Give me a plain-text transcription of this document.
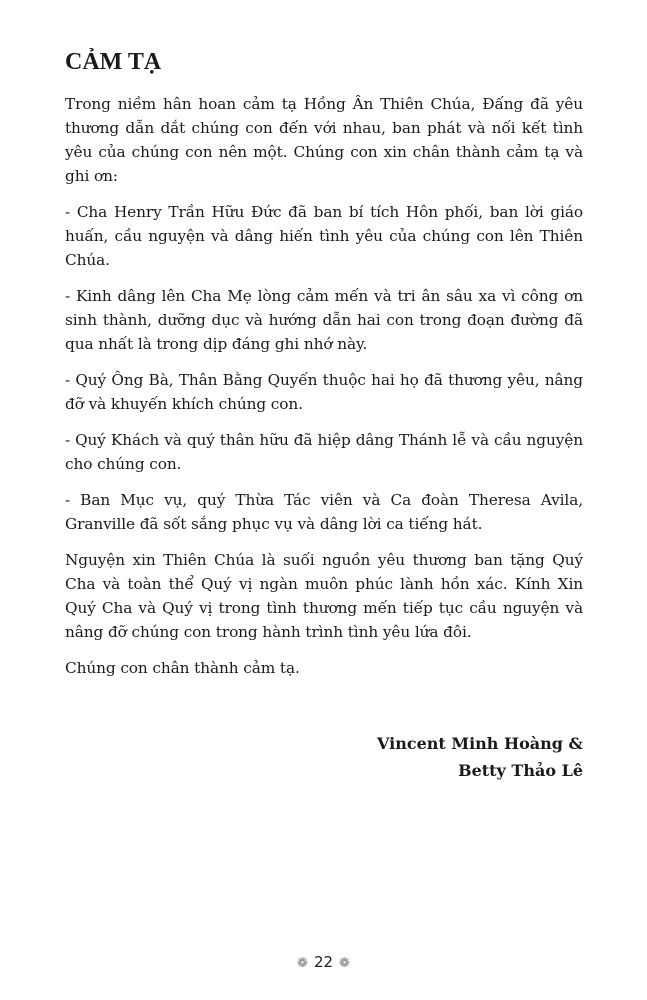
CẢM TẠ

Trong niềm hân hoan cảm tạ Hồng Ân Thiên Chúa, Đấng đã yêu thương dẫn dắt chúng con đến với nhau, ban phát và nối kết tình yêu của chúng con nên một. Chúng con xin chân thành cảm tạ và ghi ơn:

- Cha Henry Trần Hữu Đức đã ban bí tích Hôn phối, ban lời giáo huấn, cầu nguyện và dâng hiến tình yêu của chúng con lên Thiên Chúa.

- Kinh dâng lên Cha Mẹ lòng cảm mến và tri ân sâu xa vì công ơn sinh thành, dưỡng dục và hướng dẫn hai con trong đoạn đường đã qua nhất là trong dịp đáng ghi nhớ này.

- Quý Ông Bà, Thân Bằng Quyến thuộc hai họ đã thương yêu, nâng đỡ và khuyến khích chúng con.

- Quý Khách và quý thân hữu đã hiệp dâng Thánh lễ và cầu nguyện cho chúng con.

- Ban Mục vụ, quý Thừa Tác viên và Ca đoàn Theresa Avila, Granville đã sốt sắng phục vụ và dâng lời ca tiếng hát.

Nguyện xin Thiên Chúa là suối nguồn yêu thương ban tặng Quý Cha và toàn thể Quý vị ngàn muôn phúc lành hồn xác. Kính Xin Quý Cha và Quý vị trong tình thương mến tiếp tục cầu nguyện và nâng đỡ chúng con trong hành trình tình yêu lứa đôi.

Chúng con chân thành cảm tạ.

Vincent Minh Hoàng &
Betty Thảo Lê
❁ 22 ❁
